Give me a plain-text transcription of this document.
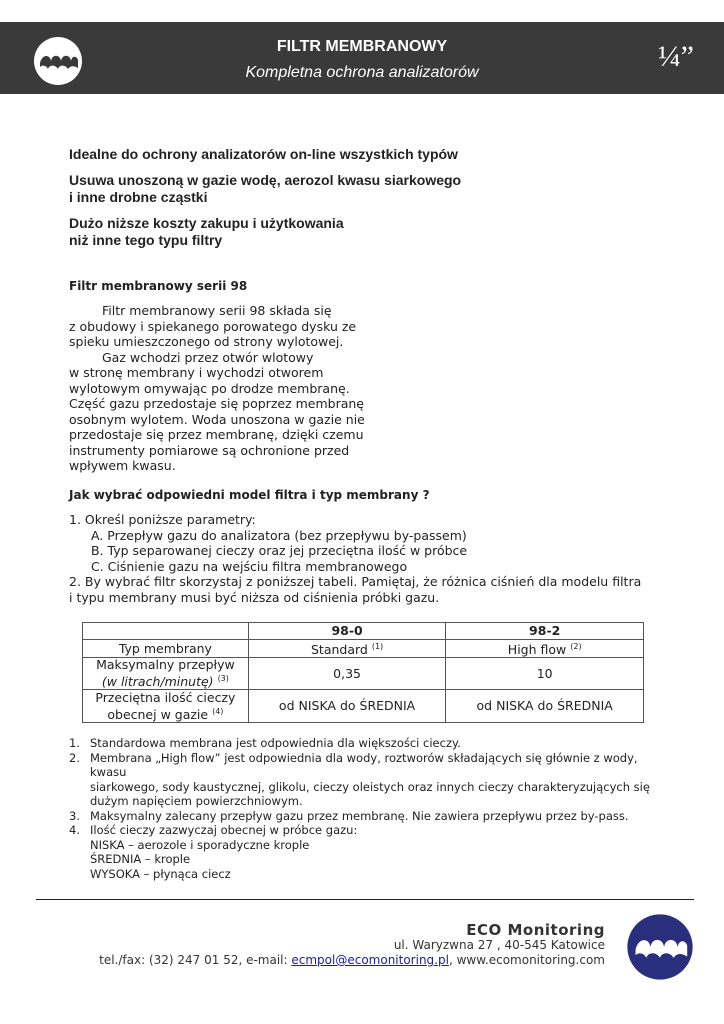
FILTR MEMBRANOWY
Kompletna ochrona analizatorów	¼”
Idealne do ochrony analizatorów on-line wszystkich typów
Usuwa unoszoną w gazie wodę, aerozol kwasu siarkowego
i inne drobne cząstki
Dużo niższe koszty zakupu i użytkowania
niż inne tego typu filtry
Filtr membranowy serii 98

Filtr membranowy serii 98 składa się

z obudowy i spiekanego porowatego dysku ze

spieku umieszczonego od strony wylotowej.

Gaz wchodzi przez otwór wlotowy

w stronę membrany i wychodzi otworem

wylotowym omywając po drodze membranę.

Część gazu przedostaje się poprzez membranę

osobnym wylotem. Woda unoszona w gazie nie

przedostaje się przez membranę, dzięki czemu

instrumenty pomiarowe są ochronione przed

wpływem kwasu.

Jak wybrać odpowiedni model filtra i typ membrany ?

1. Określ poniższe parametry:

A. Przepływ gazu do analizatora (bez przepływu by-passem)

B. Typ separowanej cieczy oraz jej przeciętna ilość w próbce

C. Ciśnienie gazu na wejściu filtra membranowego

2. By wybrać filtr skorzystaj z poniższej tabeli. Pamiętaj, że różnica ciśnień dla modelu filtra

i typu membrany musi być niższa od ciśnienia próbki gazu.

	98-0	98-2
Typ membrany	Standard $^{(1)}$	High flow $^{(2)}$

Maksymalny przepływ
(w litrach/minutę) $^{(3)}$	0,35	10

Przeciętna ilość cieczy
obecnej w gazie $^{(4)}$	od NISKA do ŚREDNIA	od NISKA do ŚREDNIA
1. Standardowa membrana jest odpowiednia dla większości cieczy.
2. Membrana „High flow” jest odpowiednia dla wody, roztworów składających się głównie z wody, kwasu
siarkowego, sody kaustycznej, glikolu, cieczy oleistych oraz innych cieczy charakteryzujących się
dużym napięciem powierzchniowym.
3. Maksymalny zalecany przepływ gazu przez membranę. Nie zawiera przepływu przez by-pass.
4. Ilość cieczy zazwyczaj obecnej w próbce gazu:
NISKA – aerozole i sporadyczne krople
ŚREDNIA – krople
WYSOKA – płynąca ciecz
ECO Monitoring
ul. Waryzwna 27 , 40-545 Katowice
tel./fax: (32) 247 01 52, e-mail: ecmpol@ecomonitoring.pl, www.ecomonitoring.com
